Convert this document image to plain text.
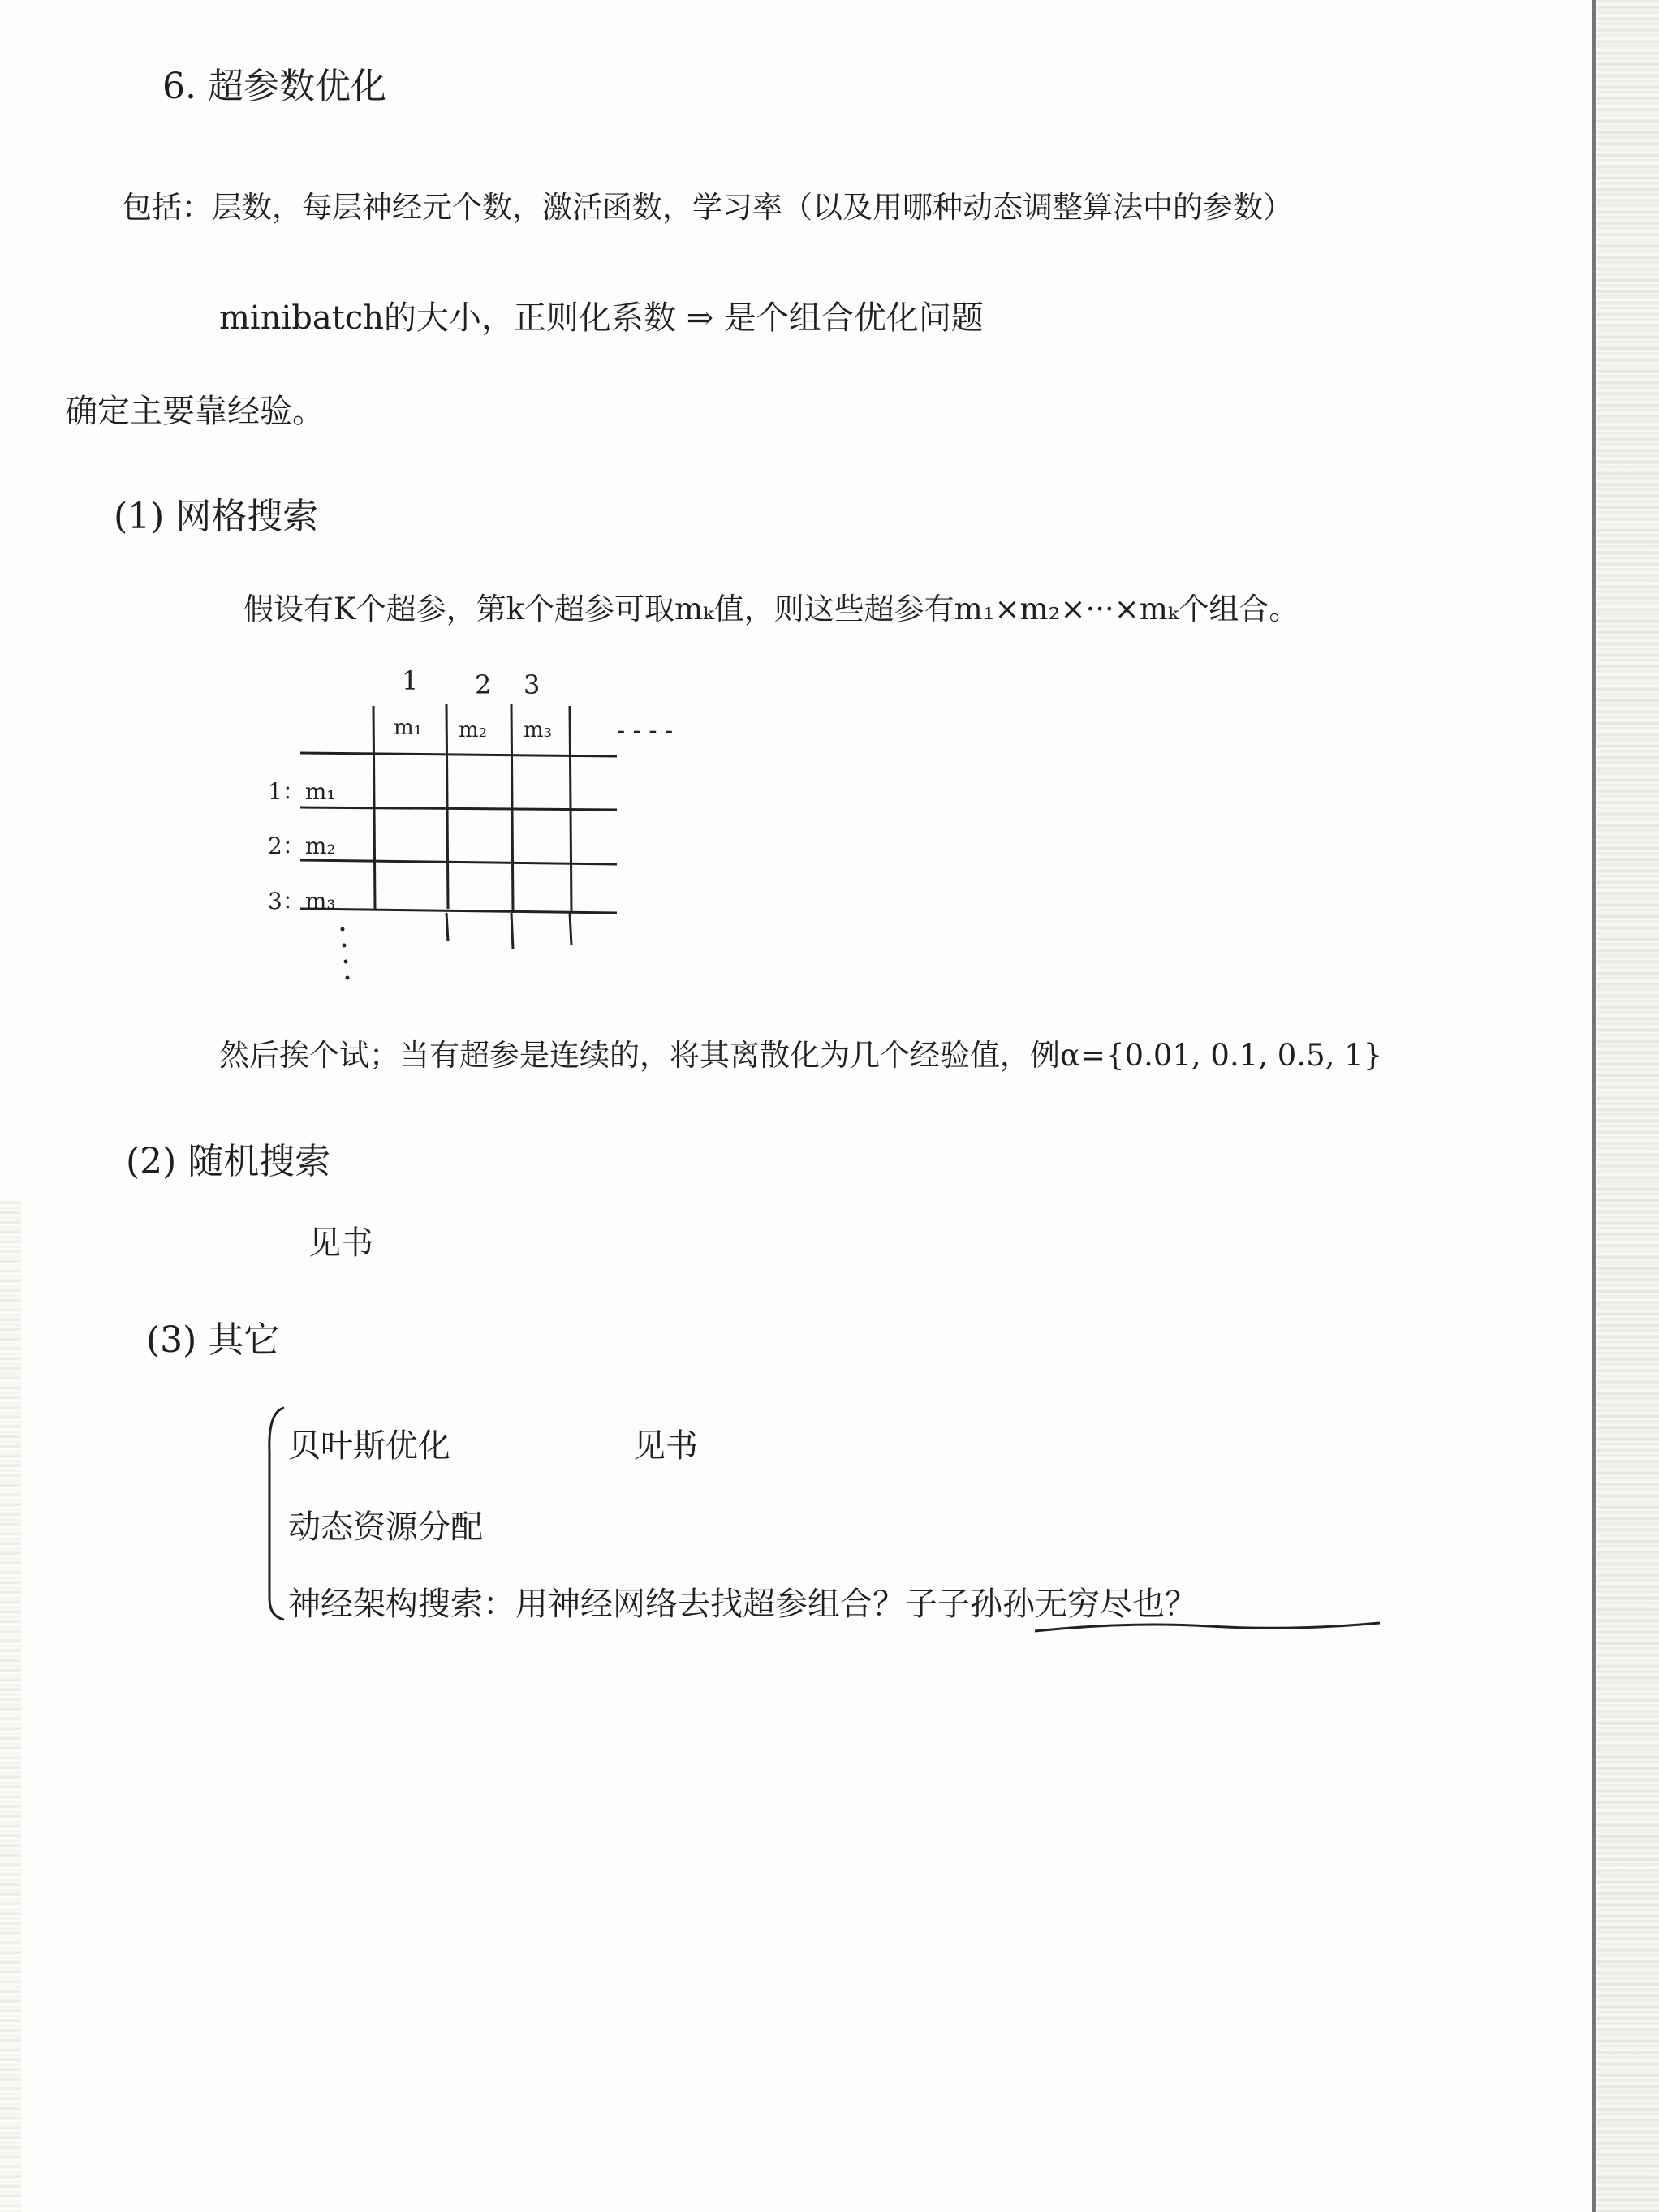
6. 超参数优化
包括：层数，每层神经元个数，激活函数，学习率（以及用哪种动态调整算法中的参数）
minibatch的大小，正则化系数 ⇒ 是个组合优化问题
确定主要靠经验。
(1) 网格搜索
假设有K个超参，第k个超参可取mₖ值，则这些超参有m₁×m₂×···×mₖ个组合。
1 2 3
m₁ m₂ m₃	- - - -
1：m₁
2：m₂
3：m₃
然后挨个试；当有超参是连续的，将其离散化为几个经验值，例α={0.01, 0.1, 0.5, 1}
(2) 随机搜索
见书
(3) 其它
贝叶斯优化	见书
动态资源分配
神经架构搜索：用神经网络去找超参组合？子子孙孙无穷尽也？
